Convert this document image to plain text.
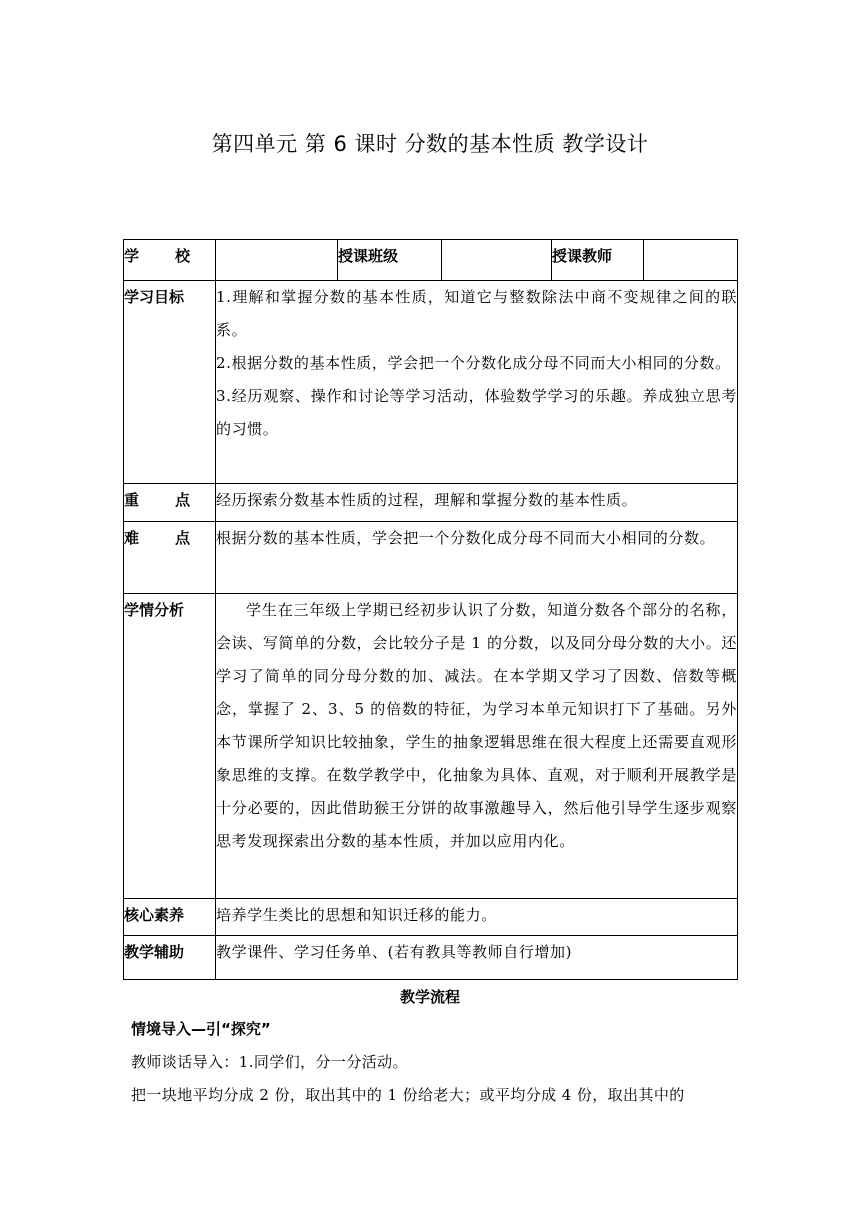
第四单元 第 6 课时 分数的基本性质 教学设计
学 校		授课班级		授课教师	
学习目标	1.理解和掌握分数的基本性质，知道它与整数除法中商不变规律之间的联系。

2.根据分数的基本性质，学会把一个分数化成分母不同而大小相同的分数。

3.经历观察、操作和讨论等学习活动，体验数学学习的乐趣。养成独立思考的习惯。				

重 点	经历探索分数基本性质的过程，理解和掌握分数的基本性质。				

难 点	根据分数的基本性质，学会把一个分数化成分母不同而大小相同的分数。				
学情分析	学生在三年级上学期已经初步认识了分数，知道分数各个部分的名称，会读、写简单的分数，会比较分子是 1 的分数，以及同分母分数的大小。还学习了简单的同分母分数的加、减法。在本学期又学习了因数、倍数等概念，掌握了 2、3、5 的倍数的特征，为学习本单元知识打下了基础。另外本节课所学知识比较抽象，学生的抽象逻辑思维在很大程度上还需要直观形象思维的支撑。在数学教学中，化抽象为具体、直观，对于顺利开展教学是十分必要的，因此借助猴王分饼的故事激趣导入，然后他引导学生逐步观察思考发现探索出分数的基本性质，并加以应用内化。				

核心素养	培养学生类比的思想和知识迁移的能力。				
教学辅助	教学课件、学习任务单、(若有教具等教师自行增加)				
教学流程
情境导入—引“探究”
教师谈话导入：1.同学们，分一分活动。
把一块地平均分成 2 份，取出其中的 1 份给老大；或平均分成 4 份，取出其中的
